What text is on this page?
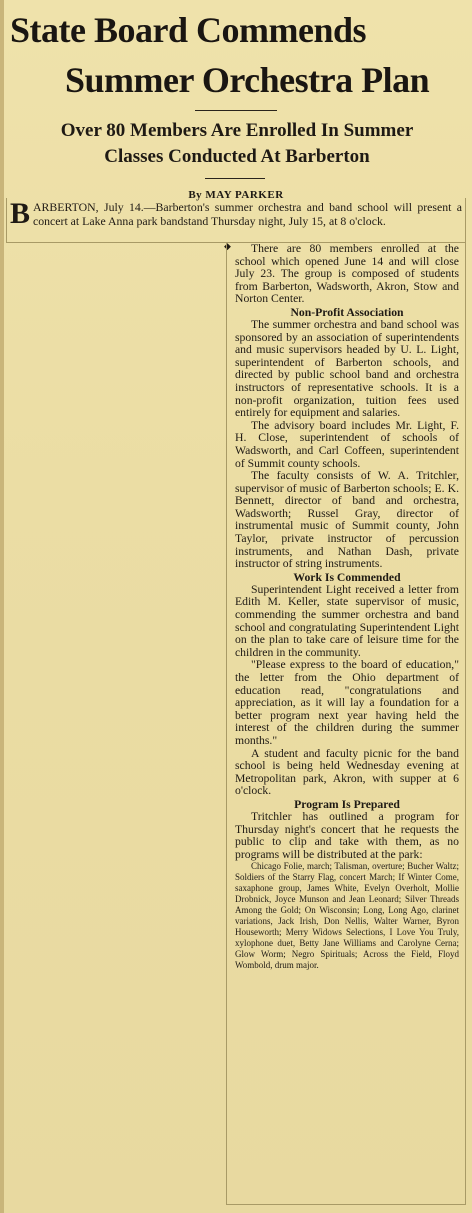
State Board Commends
Summer Orchestra Plan
Over 80 Members Are Enrolled In Summer
Classes Conducted At Barberton
By MAY PARKER
BARBERTON, July 14.—Barberton's summer orchestra and band school will present a concert at Lake Anna park bandstand Thursday night, July 15, at 8 o'clock.
◆	There are 80 members enrolled at the school which opened June 14 and will close July 23. The group is composed of students from Barberton, Wadsworth, Akron, Stow and Norton Center.

Non-Profit Association

The summer orchestra and band school was sponsored by an association of superintendents and music supervisors headed by U. L. Light, superintendent of Barberton schools, and directed by public school band and orchestra instructors of representative schools. It is a non-profit organization, tuition fees used entirely for equipment and salaries.

The advisory board includes Mr. Light, F. H. Close, superintendent of schools of Wadsworth, and Carl Coffeen, superintendent of Summit county schools.

The faculty consists of W. A. Tritchler, supervisor of music of Barberton schools; E. K. Bennett, director of band and orchestra, Wadsworth; Russel Gray, director of instrumental music of Summit county, John Taylor, private instructor of percussion instruments, and Nathan Dash, private instructor of string instruments.

Work Is Commended

Superintendent Light received a letter from Edith M. Keller, state supervisor of music, commending the summer orchestra and band school and congratulating Superintendent Light on the plan to take care of leisure time for the children in the community.

"Please express to the board of education," the letter from the Ohio department of education read, "congratulations and appreciation, as it will lay a foundation for a better program next year having held the interest of the children during the summer months."

A student and faculty picnic for the band school is being held Wednesday evening at Metropolitan park, Akron, with supper at 6 o'clock.

Program Is Prepared

Tritchler has outlined a program for Thursday night's concert that he requests the public to clip and take with them, as no programs will be distributed at the park:

Chicago Folie, march; Talisman, overture; Bucher Waltz; Soldiers of the Starry Flag, concert March; If Winter Come, saxaphone group, James White, Evelyn Overholt, Mollie Drobnick, Joyce Munson and Jean Leonard; Silver Threads Among the Gold; On Wisconsin; Long, Long Ago, clarinet variations, Jack Irish, Don Nellis, Walter Warner, Byron Houseworth; Merry Widows Selections, I Love You Truly, xylophone duet, Betty Jane Williams and Carolyne Cerna; Glow Worm; Negro Spirituals; Across the Field, Floyd Wombold, drum major.
